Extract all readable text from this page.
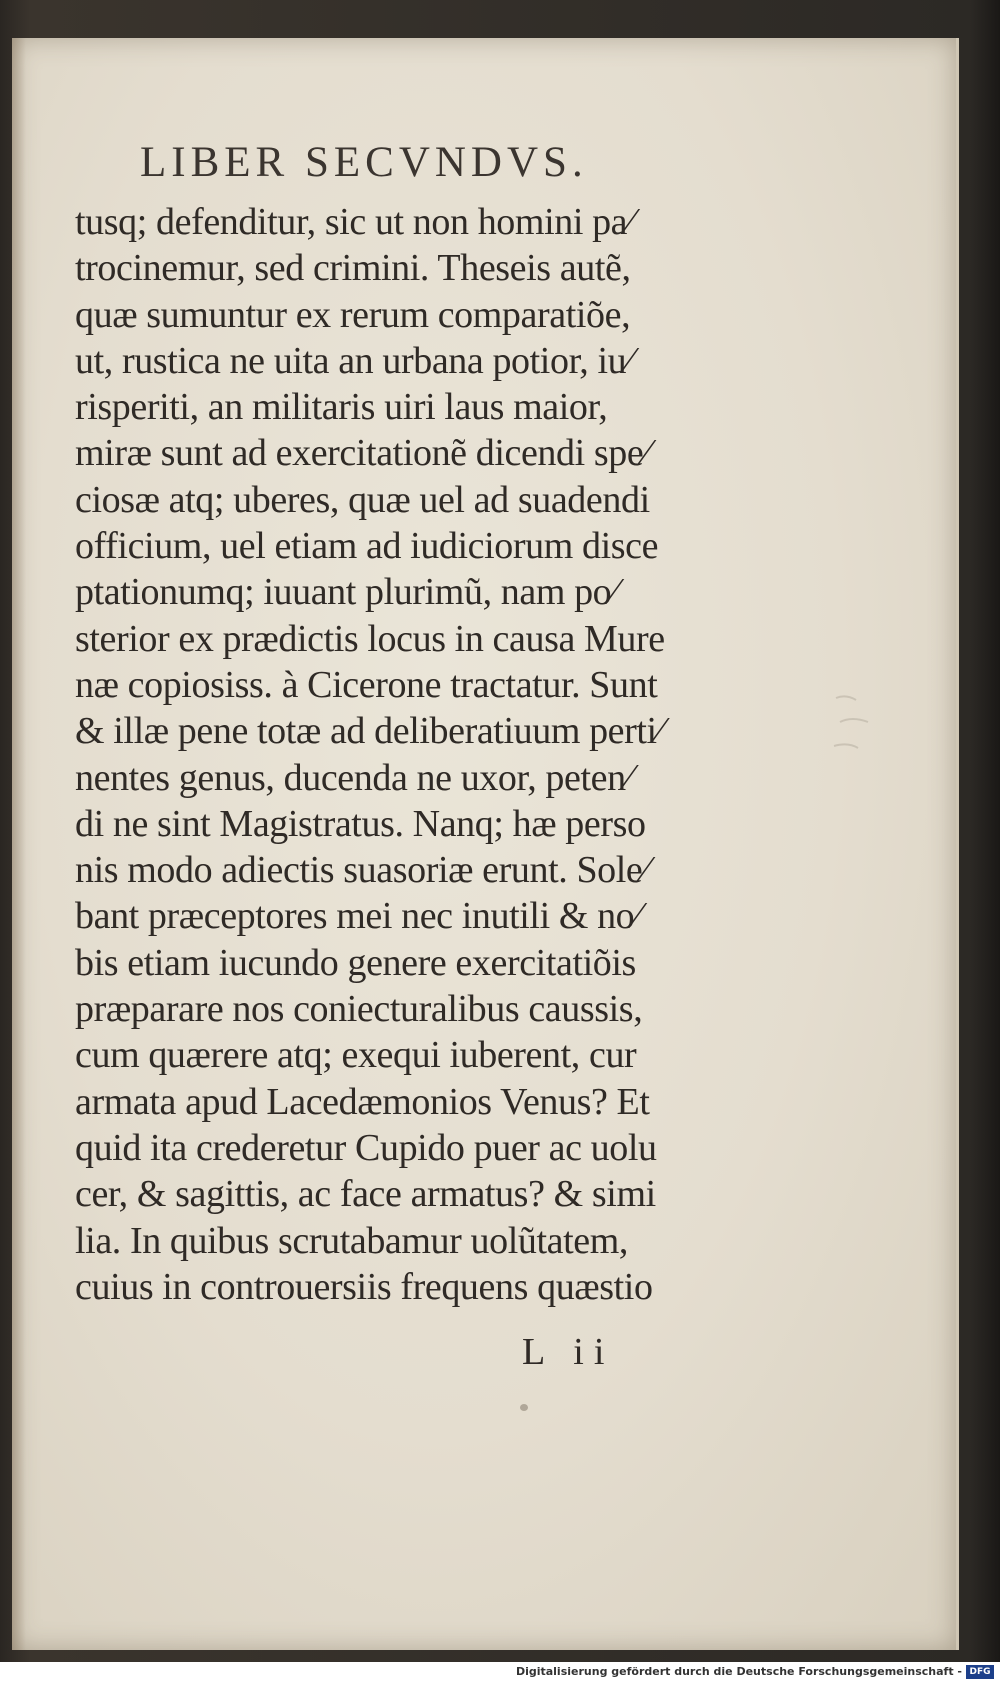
LIBER SECVNDVS.
tusq; defenditur, sic ut non homini pa⁄
trocinemur, sed crimini. Theseis autẽ,
quæ sumuntur ex rerum comparatiõe,
ut, rustica ne uita an urbana potior, iu⁄
risperiti, an militaris uiri laus maior,
miræ sunt ad exercitationẽ dicendi spe⁄
ciosæ atq; uberes, quæ uel ad suadendi
officium, uel etiam ad iudiciorum disce
ptationumq; iuuant plurimũ, nam po⁄
sterior ex prædictis locus in causa Mure
næ copiosiss. à Cicerone tractatur. Sunt
& illæ pene totæ ad deliberatiuum perti⁄
nentes genus, ducenda ne uxor, peten⁄
di ne sint Magistratus. Nanq; hæ perso
nis modo adiectis suasoriæ erunt. Sole⁄
bant præceptores mei nec inutili & no⁄
bis etiam iucundo genere exercitatiõis
præparare nos coniecturalibus caussis,
cum quærere atq; exequi iuberent, cur
armata apud Lacedæmonios Venus? Et
quid ita crederetur Cupido puer ac uolu
cer, & sagittis, ac face armatus? & simi
lia. In quibus scrutabamur uolũtatem,
cuius in controuersiis frequens quæstio
L ii
Digitalisierung gefördert durch die Deutsche Forschungsgemeinschaft - DFG
